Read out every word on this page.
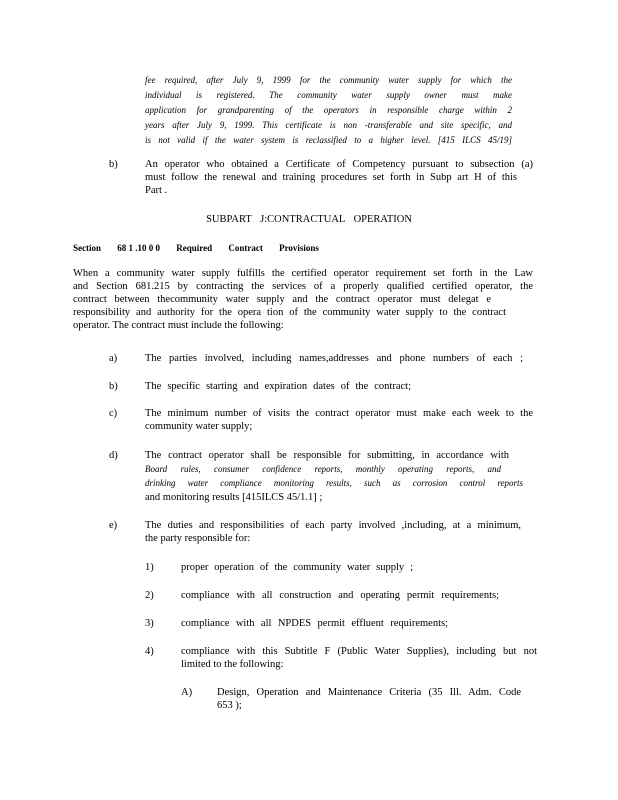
fee required, after July 9, 1999 for the community water supply for which the
individual is registered. The community water supply owner must make
application for grandparenting of the operators in responsible charge within 2
years after July 9, 1999. This certificate is non -transferable and site specific, and
is not valid if the water system is reclassified to a higher level. [415 ILCS 45/19]
b)	An operator who obtained a Certificate of Competency pursuant to subsection (a)
must follow the renewal and training procedures set forth in Subp art H of this
Part .
SUBPART J:CONTRACTUAL OPERATION
Section 68 1 .10 0 0 Required Contract Provisions
When a community water supply fulfills the certified operator requirement set forth in the Law
and Section 681.215 by contracting the services of a properly qualified certified operator, the
contract between thecommunity water supply and the contract operator must delegat e
responsibility and authority for the opera tion of the community water supply to the contract
operator. The contract must include the following:
a)	The parties involved, including names,addresses and phone numbers of each ;
b)	The specific starting and expiration dates of the contract;
c)	The minimum number of visits the contract operator must make each week to the
community water supply;
d)	The contract operator shall be responsible for submitting, in accordance with
Board rules, consumer confidence reports, monthly operating reports, and
drinking water compliance monitoring results, such as corrosion control reports
and monitoring results [415ILCS 45/1.1] ;
e)	The duties and responsibilities of each party involved ,including, at a minimum,
the party responsible for:
1)	proper operation of the community water supply ;
2)	compliance with all construction and operating permit requirements;
3)	compliance with all NPDES permit effluent requirements;
4)	compliance with this Subtitle F (Public Water Supplies), including but not
limited to the following:
A) Design, Operation and Maintenance Criteria (35 Ill. Adm. Code
653 );
